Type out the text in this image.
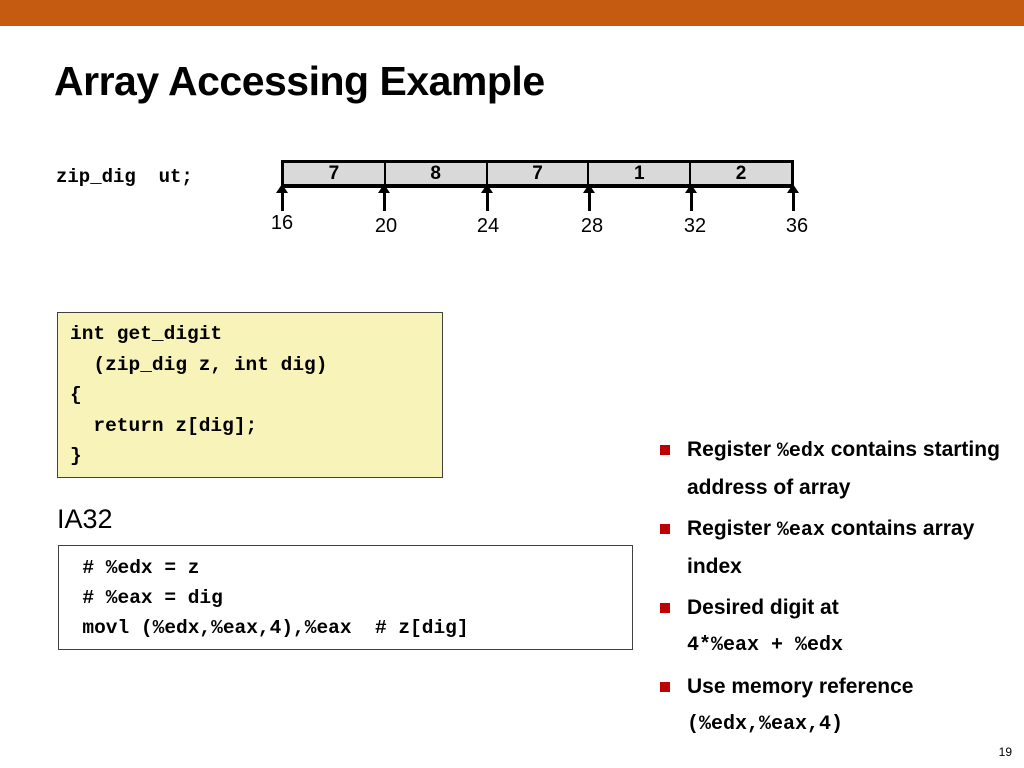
Array Accessing Example
zip_dig  ut;	7	8	7	1	2
16	20	24	28	32	36
int get_digit
(zip_dig z, int dig)
{
return z[dig];
}
IA32
# %edx = z
# %eax = dig
movl (%edx,%eax,4),%eax  # z[dig]
Register %edx contains starting address of array
Register %eax contains array index
Desired digit at
4*%eax + %edx
Use memory reference
(%edx,%eax,4)
19
